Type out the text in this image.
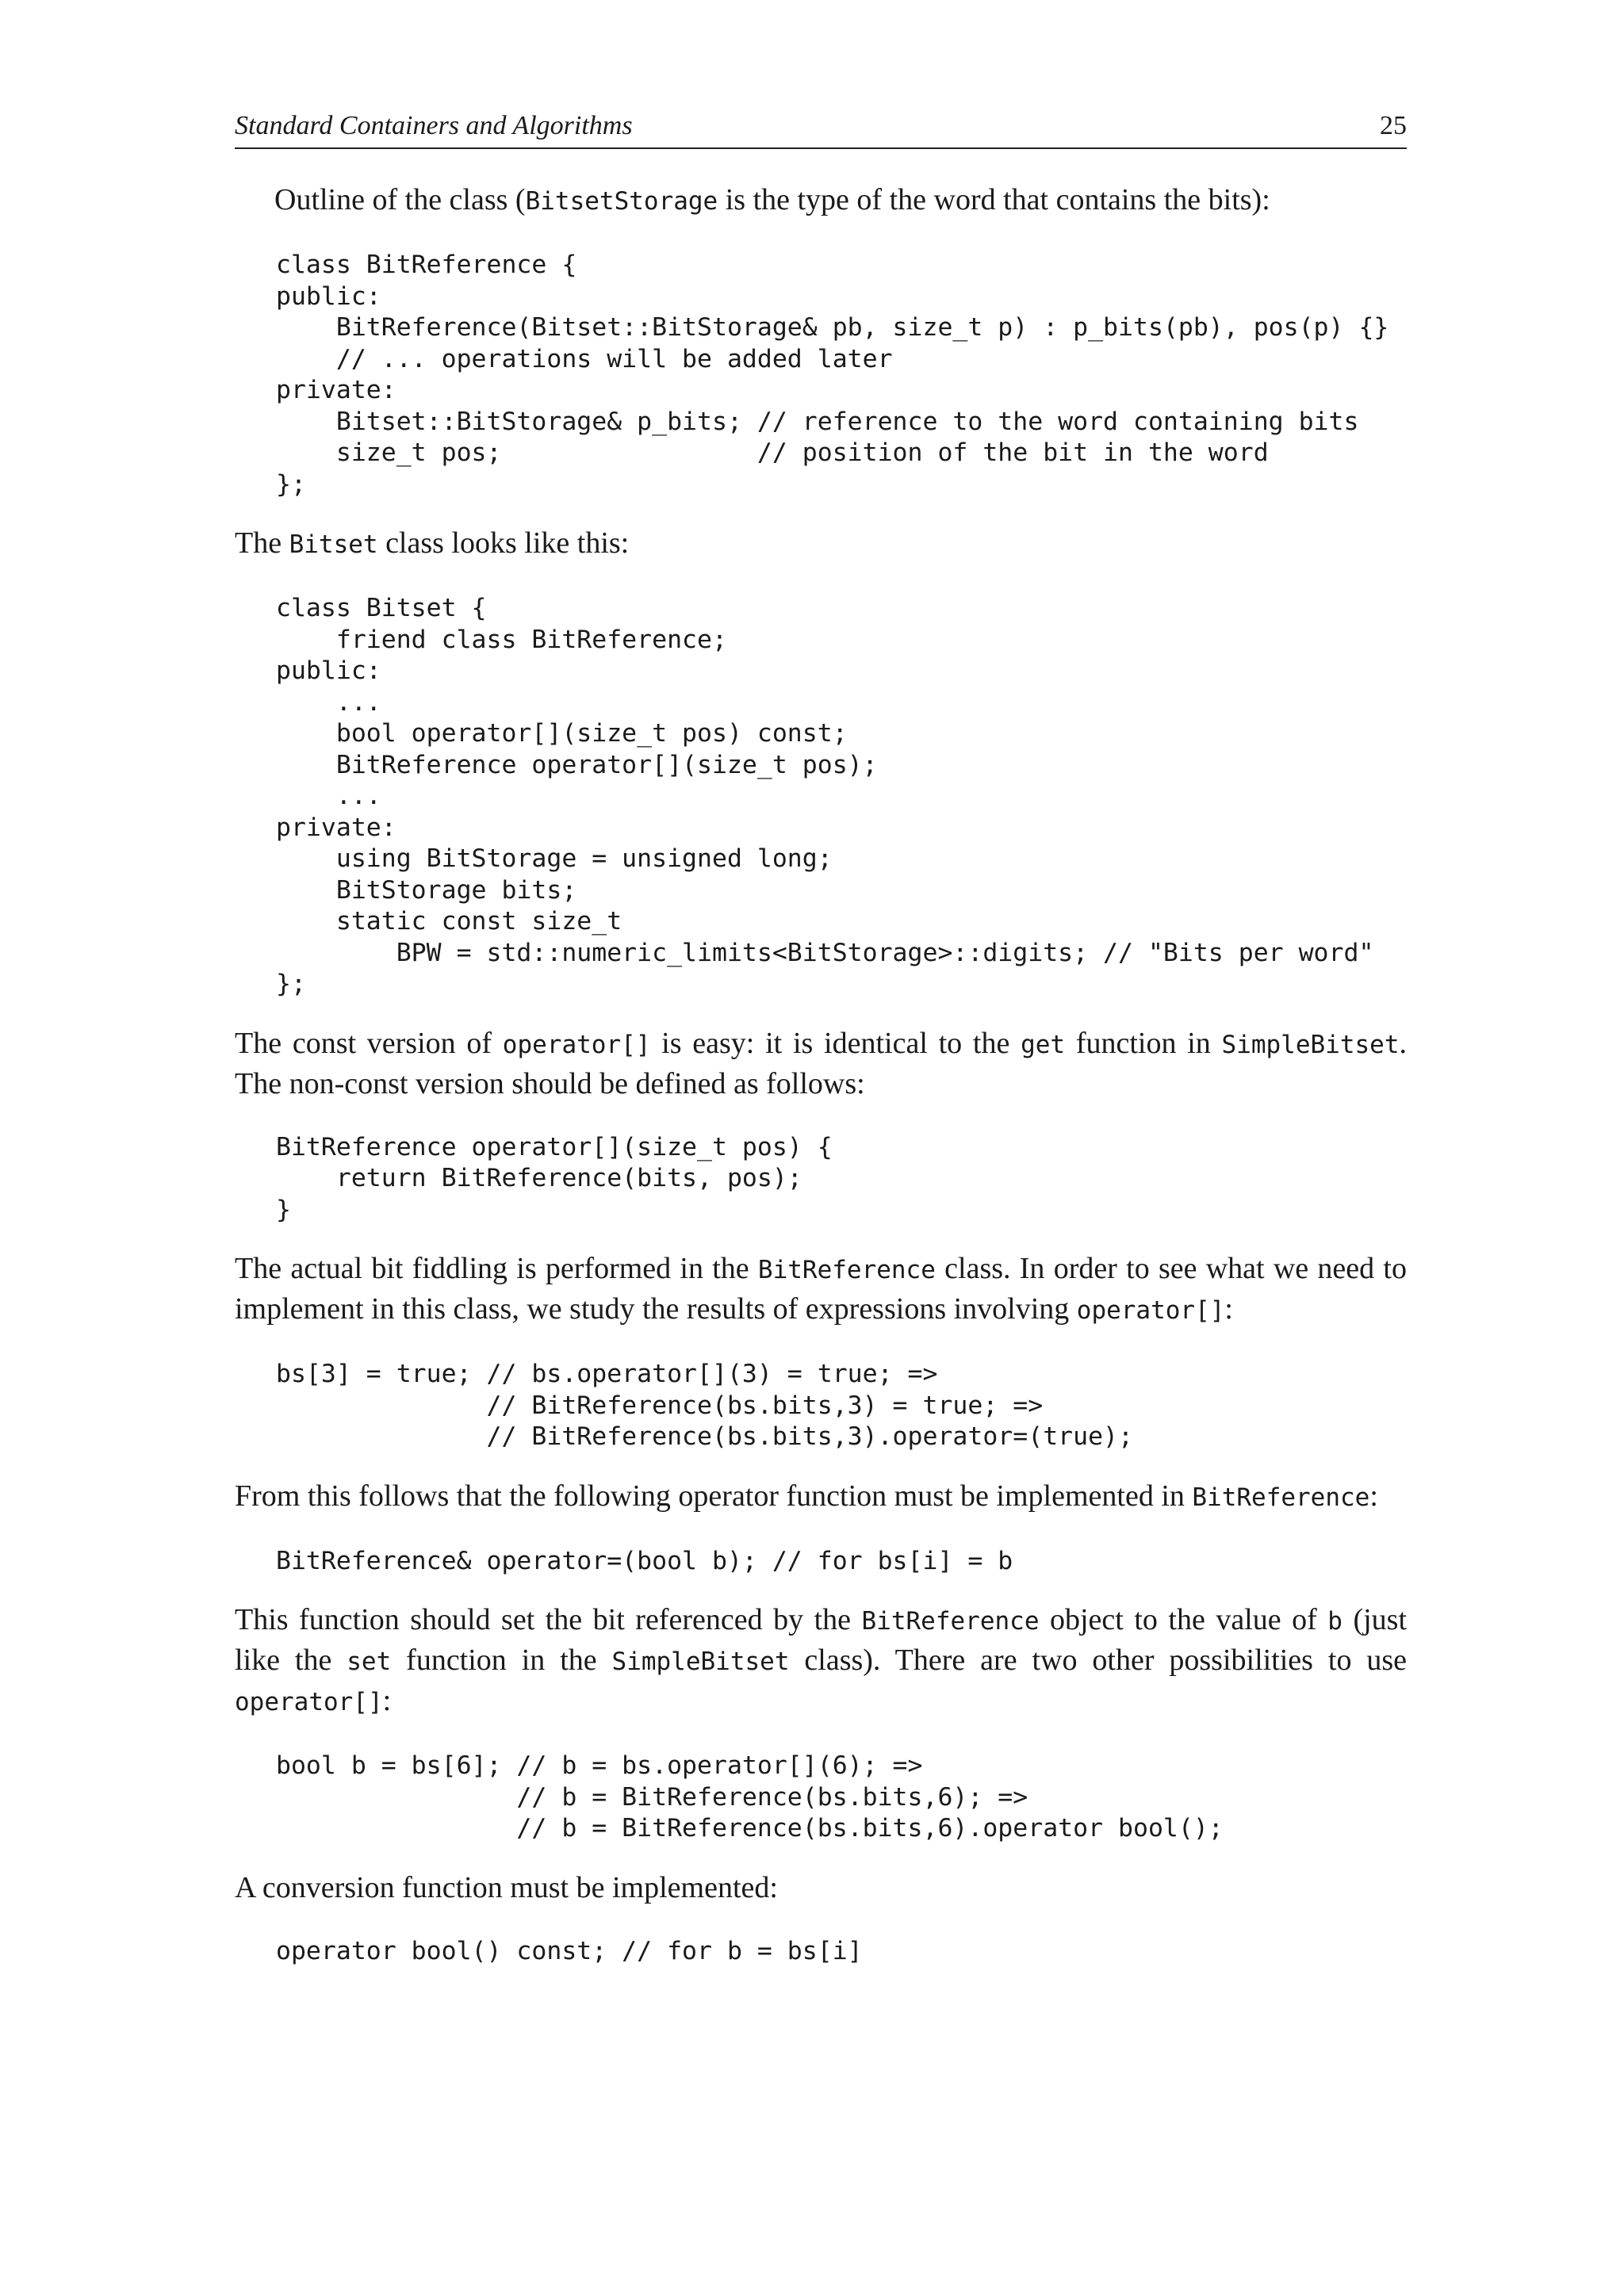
Standard Containers and Algorithms	25

Outline of the class (BitsetStorage is the type of the word that contains the bits):

class BitReference {
public:
BitReference(Bitset::BitStorage& pb, size_t p) : p_bits(pb), pos(p) {}
// ... operations will be added later
private:
Bitset::BitStorage& p_bits; // reference to the word containing bits
size_t pos;                 // position of the bit in the word
};

The Bitset class looks like this:

class Bitset {
friend class BitReference;
public:
...
bool operator[](size_t pos) const;
BitReference operator[](size_t pos);
...
private:
using BitStorage = unsigned long;
BitStorage bits;
static const size_t
BPW = std::numeric_limits<BitStorage>::digits; // "Bits per word"
};

The const version of operator[] is easy: it is identical to the get function in SimpleBitset. The non-const version should be defined as follows:

BitReference operator[](size_t pos) {
return BitReference(bits, pos);
}

The actual bit fiddling is performed in the BitReference class. In order to see what we need to implement in this class, we study the results of expressions involving operator[]:

bs[3] = true; // bs.operator[](3) = true; =>
// BitReference(bs.bits,3) = true; =>
// BitReference(bs.bits,3).operator=(true);

From this follows that the following operator function must be implemented in BitReference:

BitReference& operator=(bool b); // for bs[i] = b

This function should set the bit referenced by the BitReference object to the value of b (just like the set function in the SimpleBitset class). There are two other possibilities to use operator[]:

bool b = bs[6]; // b = bs.operator[](6); =>
// b = BitReference(bs.bits,6); =>
// b = BitReference(bs.bits,6).operator bool();

A conversion function must be implemented:

operator bool() const; // for b = bs[i]
